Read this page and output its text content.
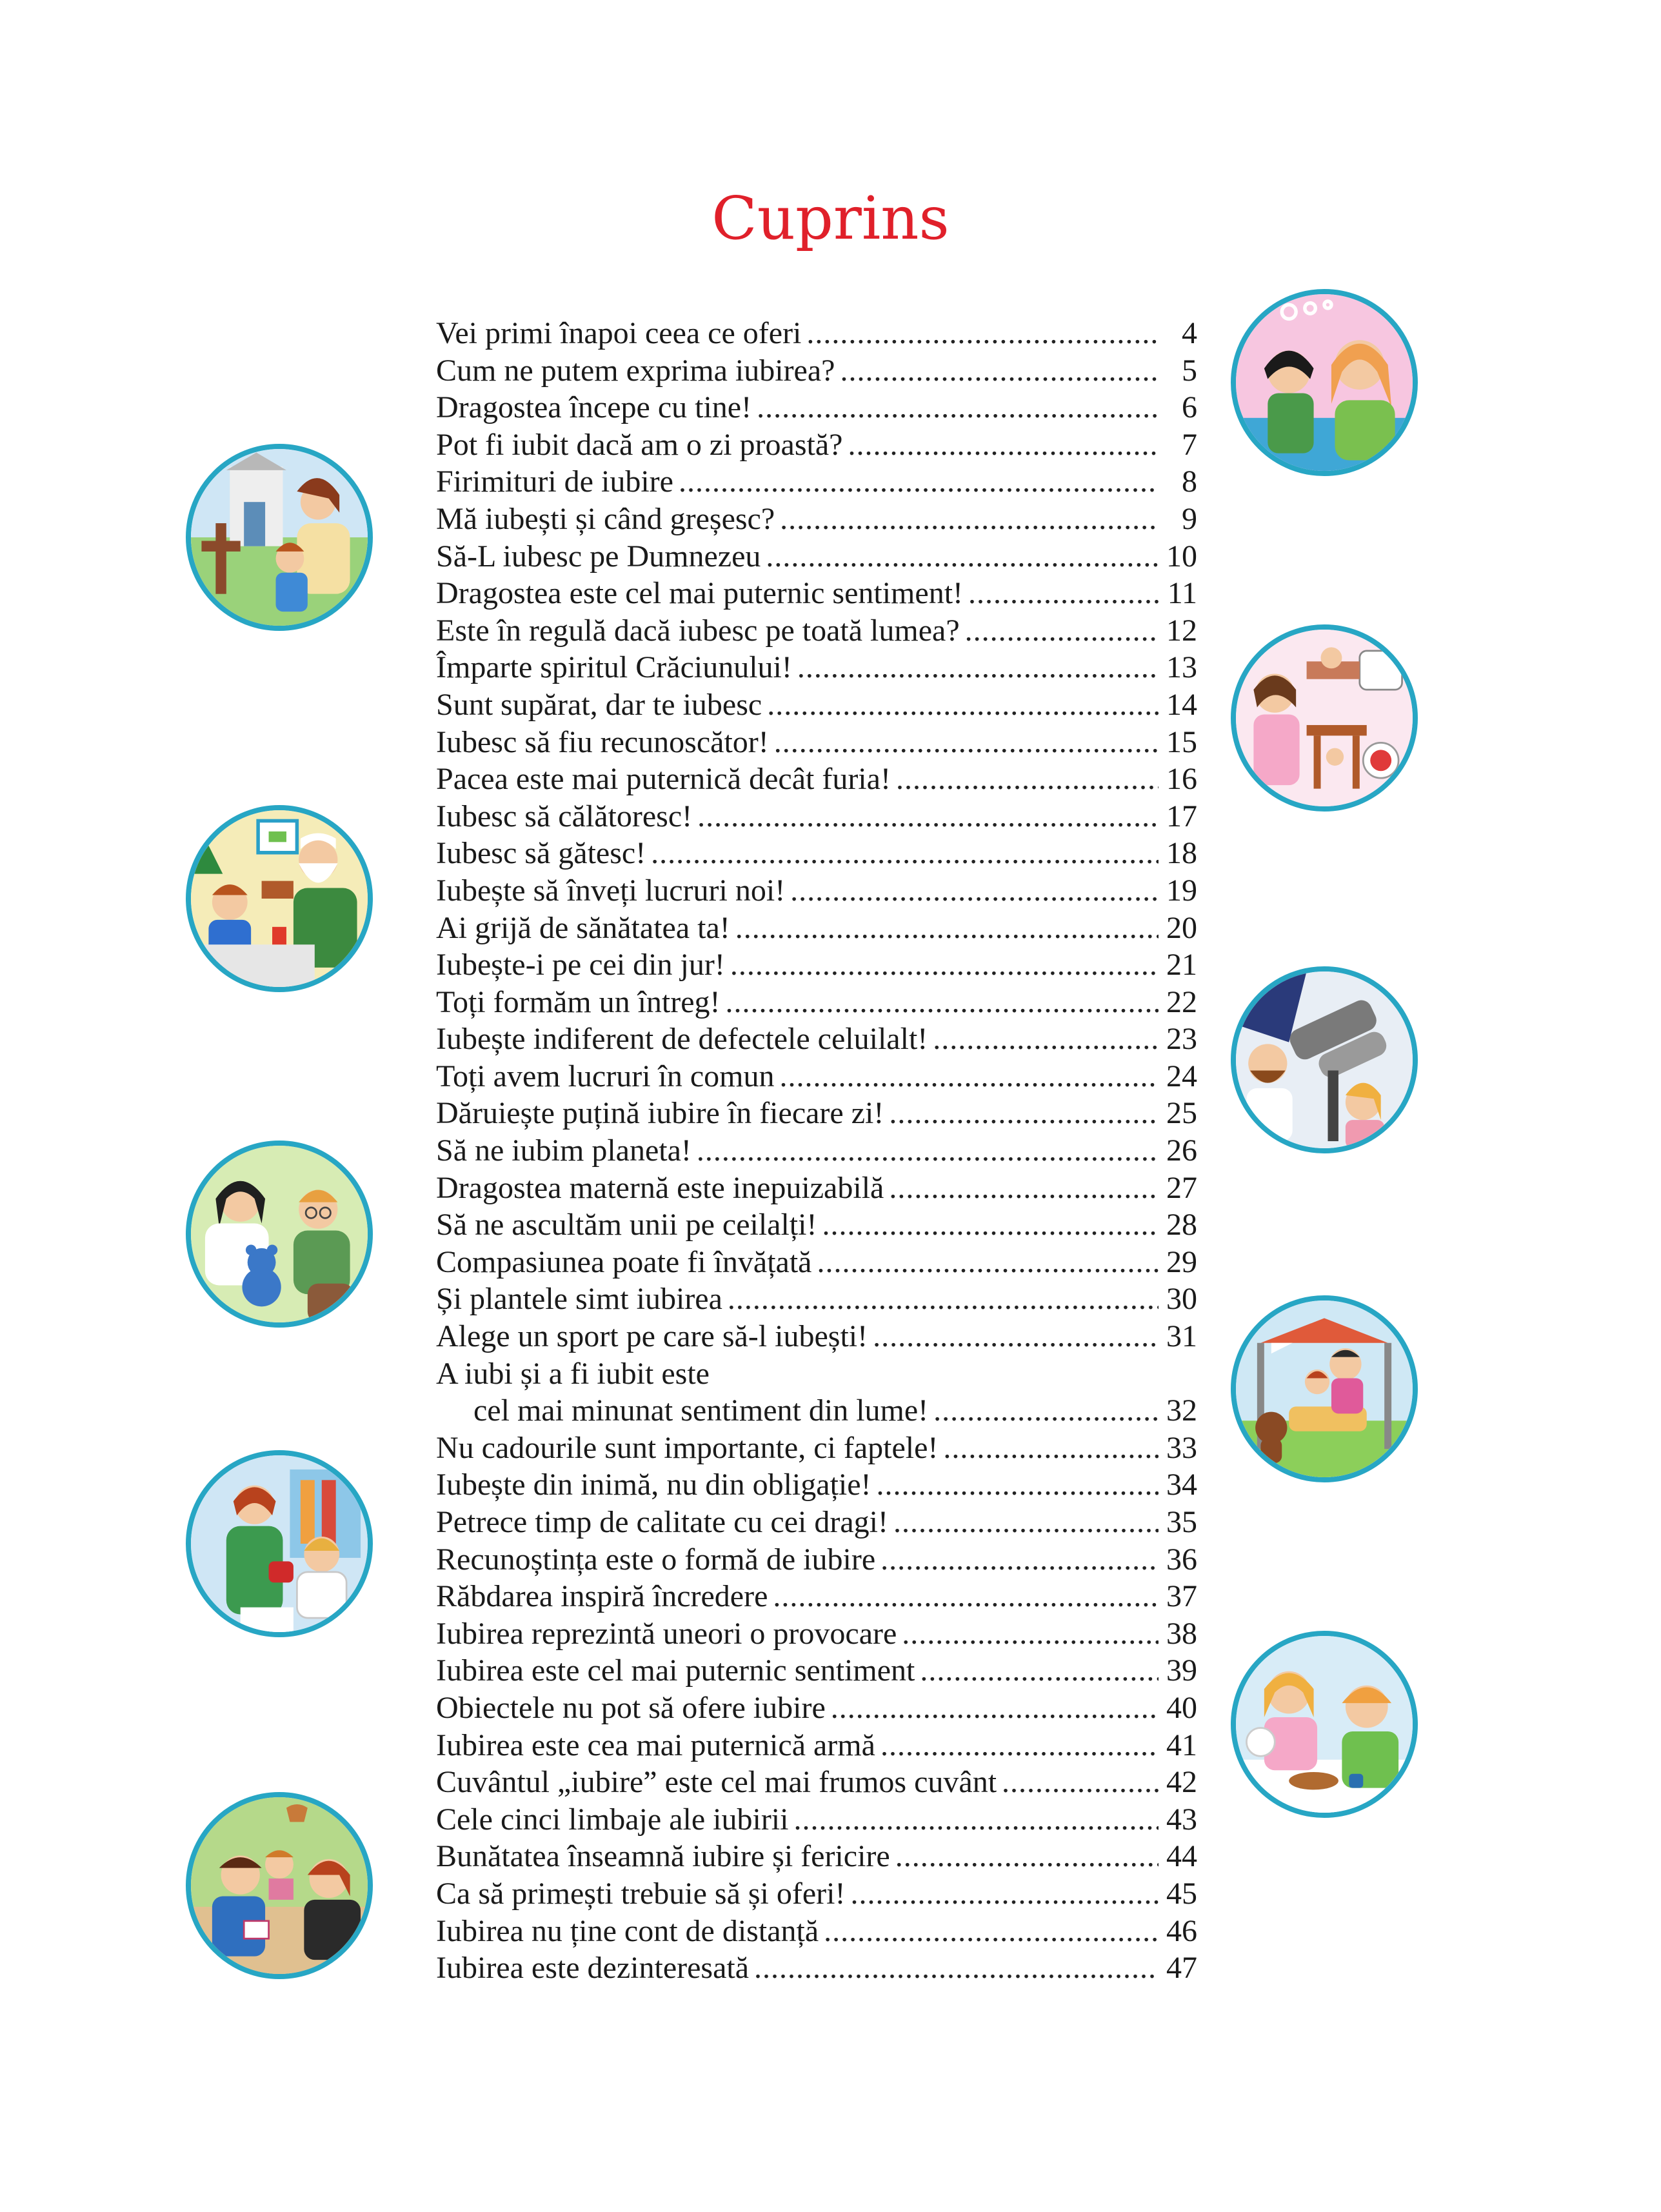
Cuprins
Vei primi înapoi ceea ce oferi .....	4
Cum ne putem exprima iubirea? .....	5
Dragostea începe cu tine! .....	6
Pot fi iubit dacă am o zi proastă? .....	7
Firimituri de iubire .....	8
Mă iubești și când greșesc? .....	9
Să-L iubesc pe Dumnezeu .....	10
Dragostea este cel mai puternic sentiment! .....	11
Este în regulă dacă iubesc pe toată lumea? .....	12
Împarte spiritul Crăciunului! .....	13
Sunt supărat, dar te iubesc .....	14
Iubesc să fiu recunoscător! .....	15
Pacea este mai puternică decât furia! .....	16
Iubesc să călătoresc! .....	17
Iubesc să gătesc! .....	18
Iubește să înveți lucruri noi! .....	19
Ai grijă de sănătatea ta! .....	20
Iubește-i pe cei din jur! .....	21
Toți formăm un întreg! .....	22
Iubește indiferent de defectele celuilalt! .....	23
Toți avem lucruri în comun .....	24
Dăruiește puțină iubire în fiecare zi! .....	25
Să ne iubim planeta! .....	26
Dragostea maternă este inepuizabilă .....	27
Să ne ascultăm unii pe ceilalți! .....	28
Compasiunea poate fi învățată .....	29
Și plantele simt iubirea .....	30
Alege un sport pe care să-l iubești! .....	31
A iubi și a fi iubit este
cel mai minunat sentiment din lume! .....	32
Nu cadourile sunt importante, ci faptele! .....	33
Iubește din inimă, nu din obligație! .....	34
Petrece timp de calitate cu cei dragi! .....	35
Recunoștința este o formă de iubire .....	36
Răbdarea inspiră încredere .....	37
Iubirea reprezintă uneori o provocare .....	38
Iubirea este cel mai puternic sentiment .....	39
Obiectele nu pot să ofere iubire .....	40
Iubirea este cea mai puternică armă .....	41
Cuvântul „iubire” este cel mai frumos cuvânt .....	42
Cele cinci limbaje ale iubirii .....	43
Bunătatea înseamnă iubire și fericire .....	44
Ca să primești trebuie să și oferi! .....	45
Iubirea nu ține cont de distanță .....	46
Iubirea este dezinteresată .....	47
